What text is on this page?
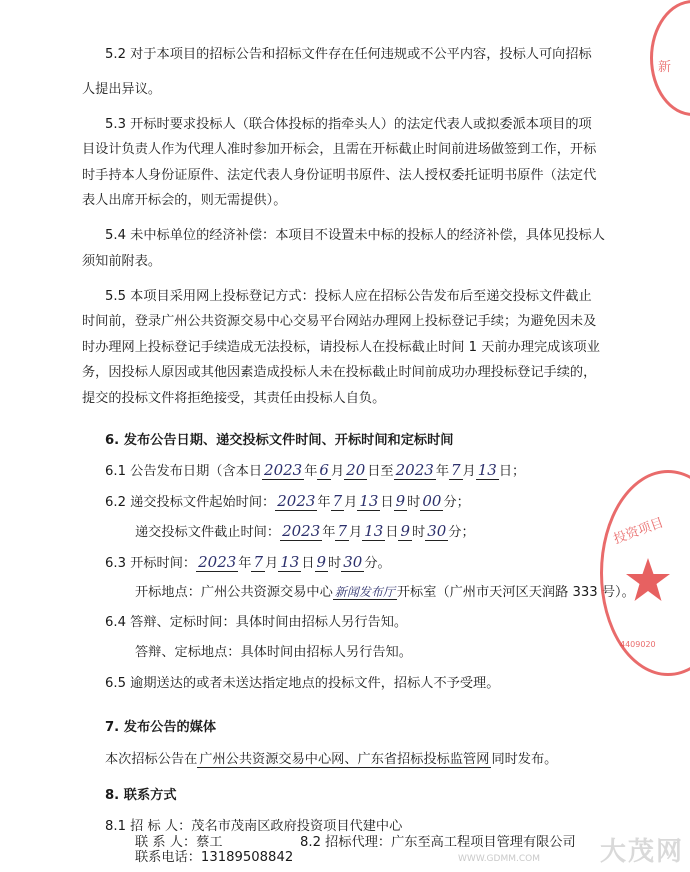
5.2 对于本项目的招标公告和招标文件存在任何违规或不公平内容，投标人可向招标
人提出异议。
5.3 开标时要求投标人（联合体投标的指牵头人）的法定代表人或拟委派本项目的项
目设计负责人作为代理人准时参加开标会，且需在开标截止时间前进场做签到工作，开标
时手持本人身份证原件、法定代表人身份证明书原件、法人授权委托证明书原件（法定代
表人出席开标会的，则无需提供）。
5.4 未中标单位的经济补偿：本项目不设置未中标的投标人的经济补偿，具体见投标人
须知前附表。
5.5 本项目采用网上投标登记方式：投标人应在招标公告发布后至递交投标文件截止
时间前，登录广州公共资源交易中心交易平台网站办理网上投标登记手续；为避免因未及
时办理网上投标登记手续造成无法投标，请投标人在投标截止时间 1 天前办理完成该项业
务，因投标人原因或其他因素造成投标人未在投标截止时间前成功办理投标登记手续的，
提交的投标文件将拒绝接受，其责任由投标人自负。
6. 发布公告日期、递交投标文件时间、开标时间和定标时间
6.1 公告发布日期（含本日 2023 年 6 月 20 日至 2023 年 7 月 13 日；
6.2 递交投标文件起始时间： 2023 年 7 月 13 日 9 时 00 分；
递交投标文件截止时间： 2023 年 7 月 13 日 9 时 30 分；
6.3 开标时间： 2023 年 7 月 13 日 9 时 30 分。
开标地点：广州公共资源交易中心 新闻发布厅 开标室（广州市天河区天润路 333 号）。
6.4 答辩、定标时间：具体时间由招标人另行告知。
答辩、定标地点：具体时间由招标人另行告知。
6.5 逾期送达的或者未送达指定地点的投标文件，招标人不予受理。
7. 发布公告的媒体
本次招标公告在 广州公共资源交易中心网、广东省招标投标监管网 同时发布。
8. 联系方式
8.1 招 标 人：茂名市茂南区政府投资项目代建中心
联 系 人：蔡工
新
投资项目
4409020
大茂网
WWW.GDMM.COM
联系电话：13189508842
8.2 招标代理：广东至高工程项目管理有限公司
